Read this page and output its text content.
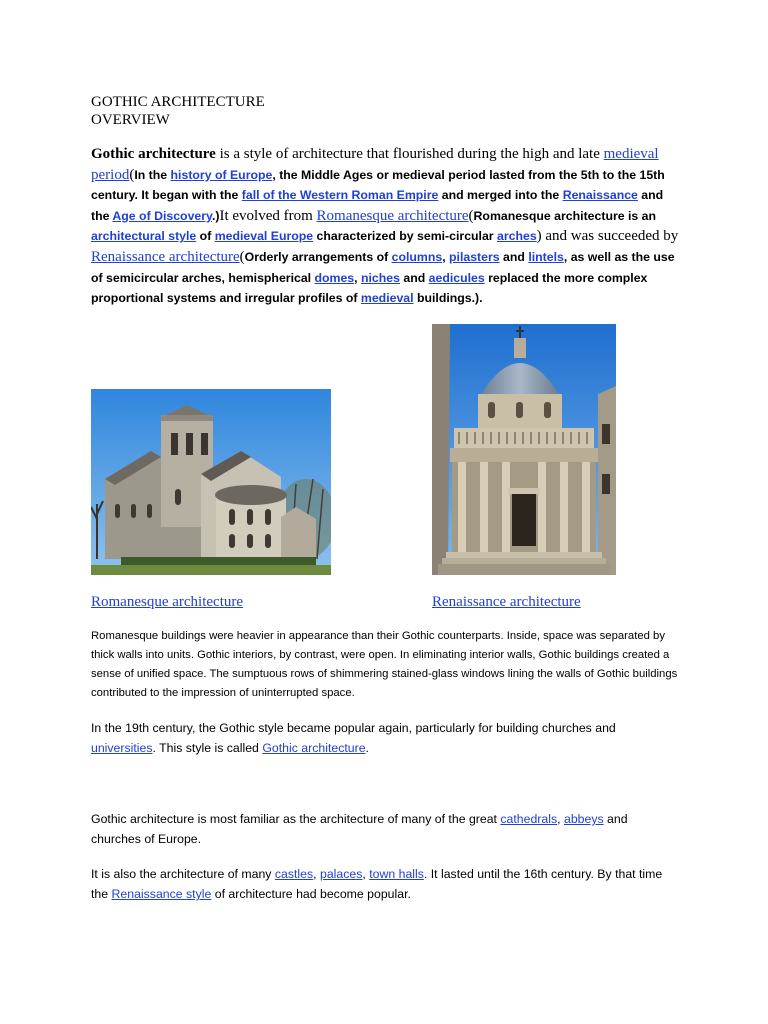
GOTHIC ARCHITECTURE
OVERVIEW
Gothic architecture is a style of architecture that flourished during the high and late medieval period(In the history of Europe, the Middle Ages or medieval period lasted from the 5th to the 15th century. It began with the fall of the Western Roman Empire and merged into the Renaissance and the Age of Discovery.)It evolved from Romanesque architecture(Romanesque architecture is an architectural style of medieval Europe characterized by semi-circular arches) and was succeeded by Renaissance architecture(Orderly arrangements of columns, pilasters and lintels, as well as the use of semicircular arches, hemispherical domes, niches and aedicules replaced the more complex proportional systems and irregular profiles of medieval buildings.).
Romanesque architecture	Renaissance architecture
Romanesque buildings were heavier in appearance than their Gothic counterparts. Inside, space was separated by thick walls into units. Gothic interiors, by contrast, were open. In eliminating interior walls, Gothic buildings created a sense of unified space. The sumptuous rows of shimmering stained-glass windows lining the walls of Gothic buildings contributed to the impression of uninterrupted space.
In the 19th century, the Gothic style became popular again, particularly for building churches and universities. This style is called Gothic architecture.
Gothic architecture is most familiar as the architecture of many of the great cathedrals, abbeys and churches of Europe.
It is also the architecture of many castles, palaces, town halls. It lasted until the 16th century. By that time the Renaissance style of architecture had become popular.
